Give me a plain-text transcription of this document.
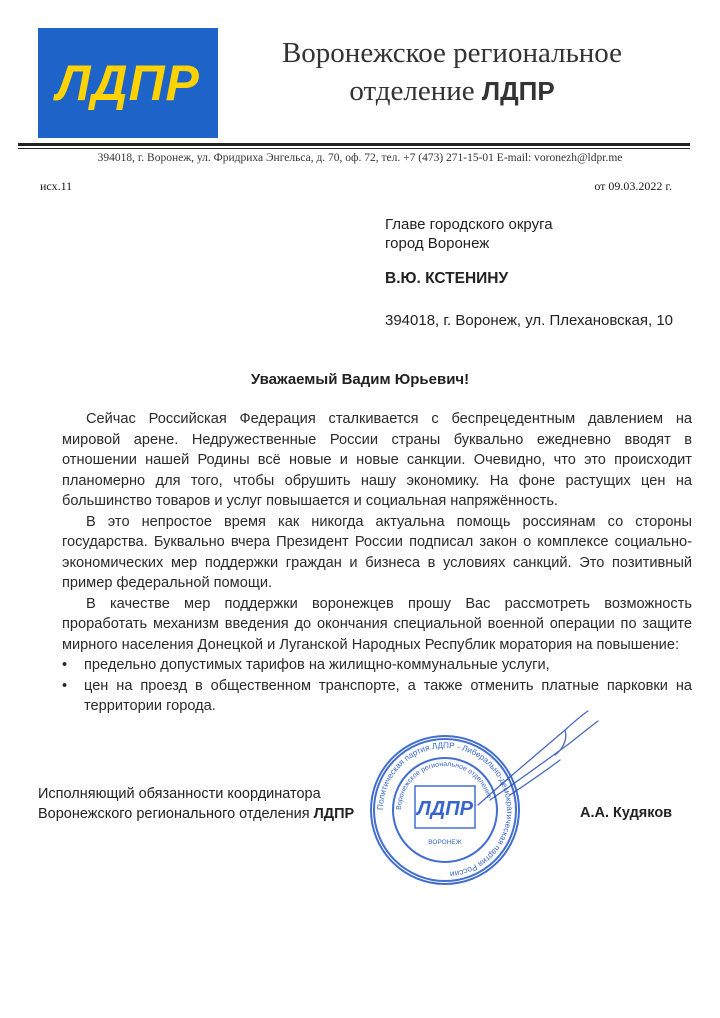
ЛДПР
Воронежское региональное
отделение ЛДПР
394018, г. Воронеж, ул. Фридриха Энгельса, д. 70, оф. 72, тел. +7 (473) 271-15-01 E-mail: voronezh@ldpr.me
исх.11	от 09.03.2022 г.
Главе городского округа
город Воронеж
В.Ю. КСТЕНИНУ
394018, г. Воронеж, ул. Плехановская, 10
Уважаемый Вадим Юрьевич!

Сейчас Российская Федерация сталкивается с беспрецедентным давлением на мировой арене. Недружественные России страны буквально ежедневно вводят в отношении нашей Родины всё новые и новые санкции. Очевидно, что это происходит планомерно для того, чтобы обрушить нашу экономику. На фоне растущих цен на большинство товаров и услуг повышается и социальная напряжённость.

В это непростое время как никогда актуальна помощь россиянам со стороны государства. Буквально вчера Президент России подписал закон о комплексе социально-экономических мер поддержки граждан и бизнеса в условиях санкций. Это позитивный пример федеральной помощи.

В качестве мер поддержки воронежцев прошу Вас рассмотреть возможность проработать механизм введения до окончания специальной военной операции по защите мирного населения Донецкой и Луганской Народных Республик моратория на повышение:

• предельно допустимых тарифов на жилищно-коммунальные услуги,
• цен на проезд в общественном транспорте, а также отменить платные парковки на территории города.
Политическая партия ЛДПР - Либерально-демократическая партия России
Воронежское региональное отделение
ЛДПР
ВОРОНЕЖ
Исполняющий обязанности координатора
Воронежского регионального отделения ЛДПР	А.А. Кудяков
